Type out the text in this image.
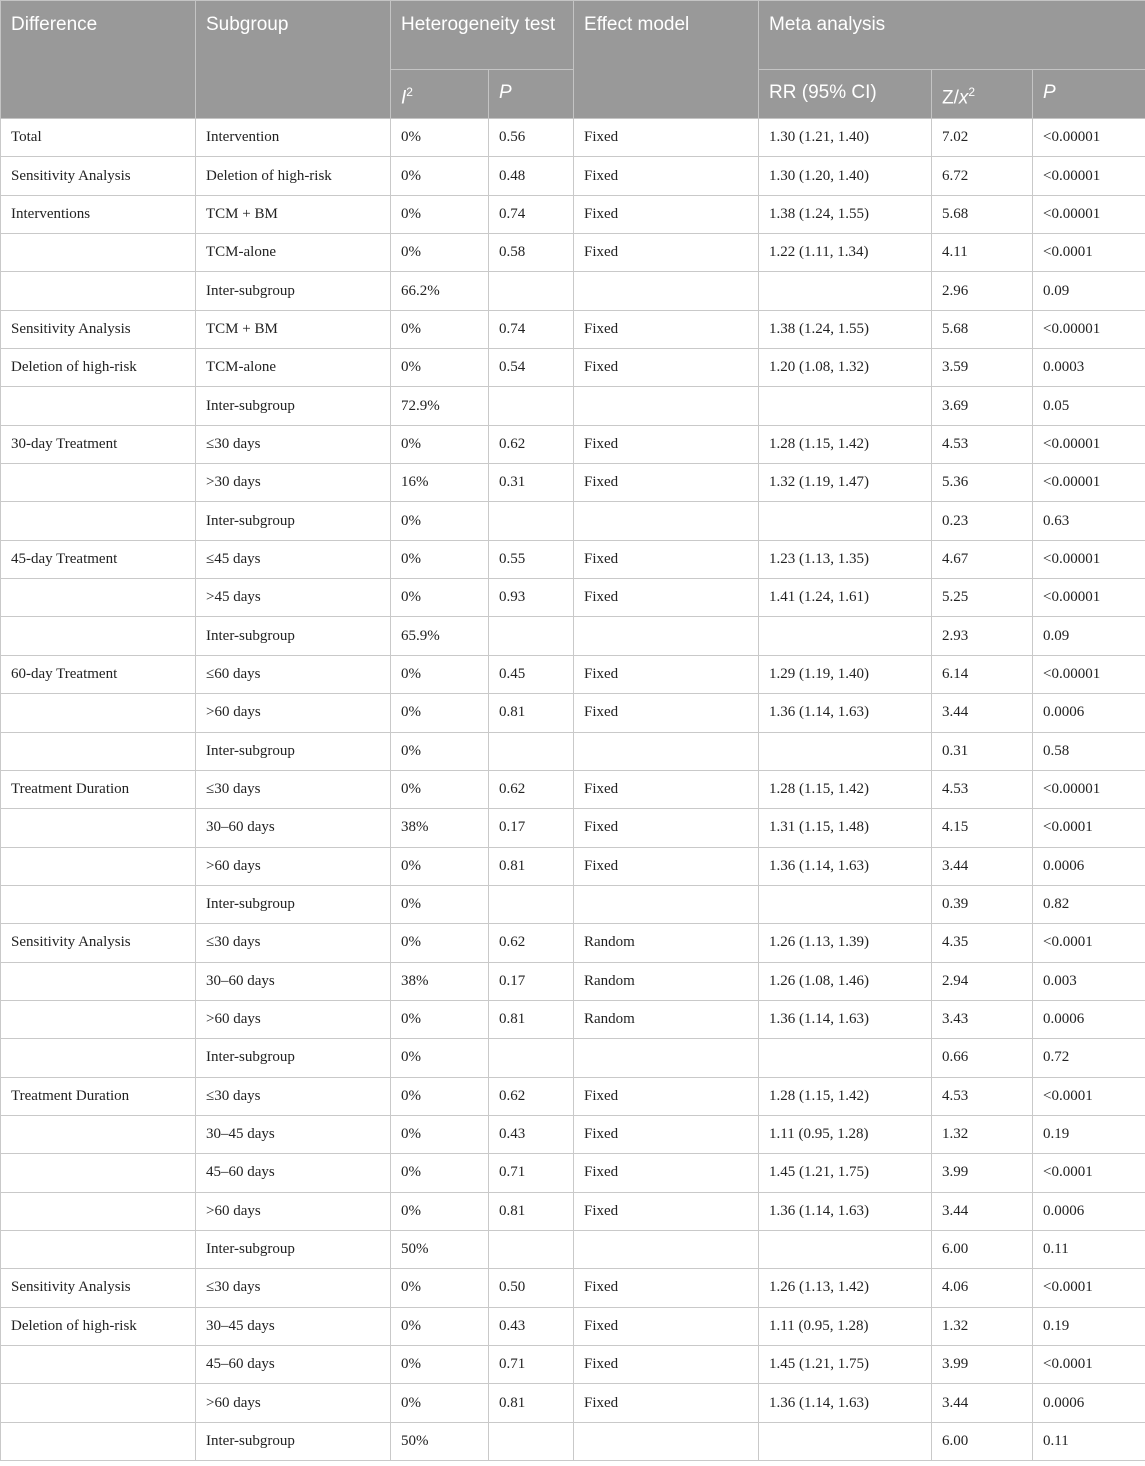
Difference	Subgroup	Heterogeneity test		Effect model	Meta analysis		
		$I^2$	P		RR (95% CI)	$Z/x^2$	P
Total	Intervention	0%	0.56	Fixed	1.30 (1.21, 1.40)	7.02	<0.00001
Sensitivity Analysis	Deletion of high-risk	0%	0.48	Fixed	1.30 (1.20, 1.40)	6.72	<0.00001
Interventions	TCM + BM	0%	0.74	Fixed	1.38 (1.24, 1.55)	5.68	<0.00001
	TCM-alone	0%	0.58	Fixed	1.22 (1.11, 1.34)	4.11	<0.0001
	Inter-subgroup	66.2%				2.96	0.09
Sensitivity Analysis	TCM + BM	0%	0.74	Fixed	1.38 (1.24, 1.55)	5.68	<0.00001
Deletion of high-risk	TCM-alone	0%	0.54	Fixed	1.20 (1.08, 1.32)	3.59	0.0003
	Inter-subgroup	72.9%				3.69	0.05
30-day Treatment	≤30 days	0%	0.62	Fixed	1.28 (1.15, 1.42)	4.53	<0.00001
	>30 days	16%	0.31	Fixed	1.32 (1.19, 1.47)	5.36	<0.00001
	Inter-subgroup	0%				0.23	0.63
45-day Treatment	≤45 days	0%	0.55	Fixed	1.23 (1.13, 1.35)	4.67	<0.00001
	>45 days	0%	0.93	Fixed	1.41 (1.24, 1.61)	5.25	<0.00001
	Inter-subgroup	65.9%				2.93	0.09
60-day Treatment	≤60 days	0%	0.45	Fixed	1.29 (1.19, 1.40)	6.14	<0.00001
	>60 days	0%	0.81	Fixed	1.36 (1.14, 1.63)	3.44	0.0006
	Inter-subgroup	0%				0.31	0.58
Treatment Duration	≤30 days	0%	0.62	Fixed	1.28 (1.15, 1.42)	4.53	<0.00001
	30–60 days	38%	0.17	Fixed	1.31 (1.15, 1.48)	4.15	<0.0001
	>60 days	0%	0.81	Fixed	1.36 (1.14, 1.63)	3.44	0.0006
	Inter-subgroup	0%				0.39	0.82
Sensitivity Analysis	≤30 days	0%	0.62	Random	1.26 (1.13, 1.39)	4.35	<0.0001
	30–60 days	38%	0.17	Random	1.26 (1.08, 1.46)	2.94	0.003
	>60 days	0%	0.81	Random	1.36 (1.14, 1.63)	3.43	0.0006
	Inter-subgroup	0%				0.66	0.72
Treatment Duration	≤30 days	0%	0.62	Fixed	1.28 (1.15, 1.42)	4.53	<0.0001
	30–45 days	0%	0.43	Fixed	1.11 (0.95, 1.28)	1.32	0.19
	45–60 days	0%	0.71	Fixed	1.45 (1.21, 1.75)	3.99	<0.0001
	>60 days	0%	0.81	Fixed	1.36 (1.14, 1.63)	3.44	0.0006
	Inter-subgroup	50%				6.00	0.11
Sensitivity Analysis	≤30 days	0%	0.50	Fixed	1.26 (1.13, 1.42)	4.06	<0.0001
Deletion of high-risk	30–45 days	0%	0.43	Fixed	1.11 (0.95, 1.28)	1.32	0.19
	45–60 days	0%	0.71	Fixed	1.45 (1.21, 1.75)	3.99	<0.0001
	>60 days	0%	0.81	Fixed	1.36 (1.14, 1.63)	3.44	0.0006
	Inter-subgroup	50%				6.00	0.11
